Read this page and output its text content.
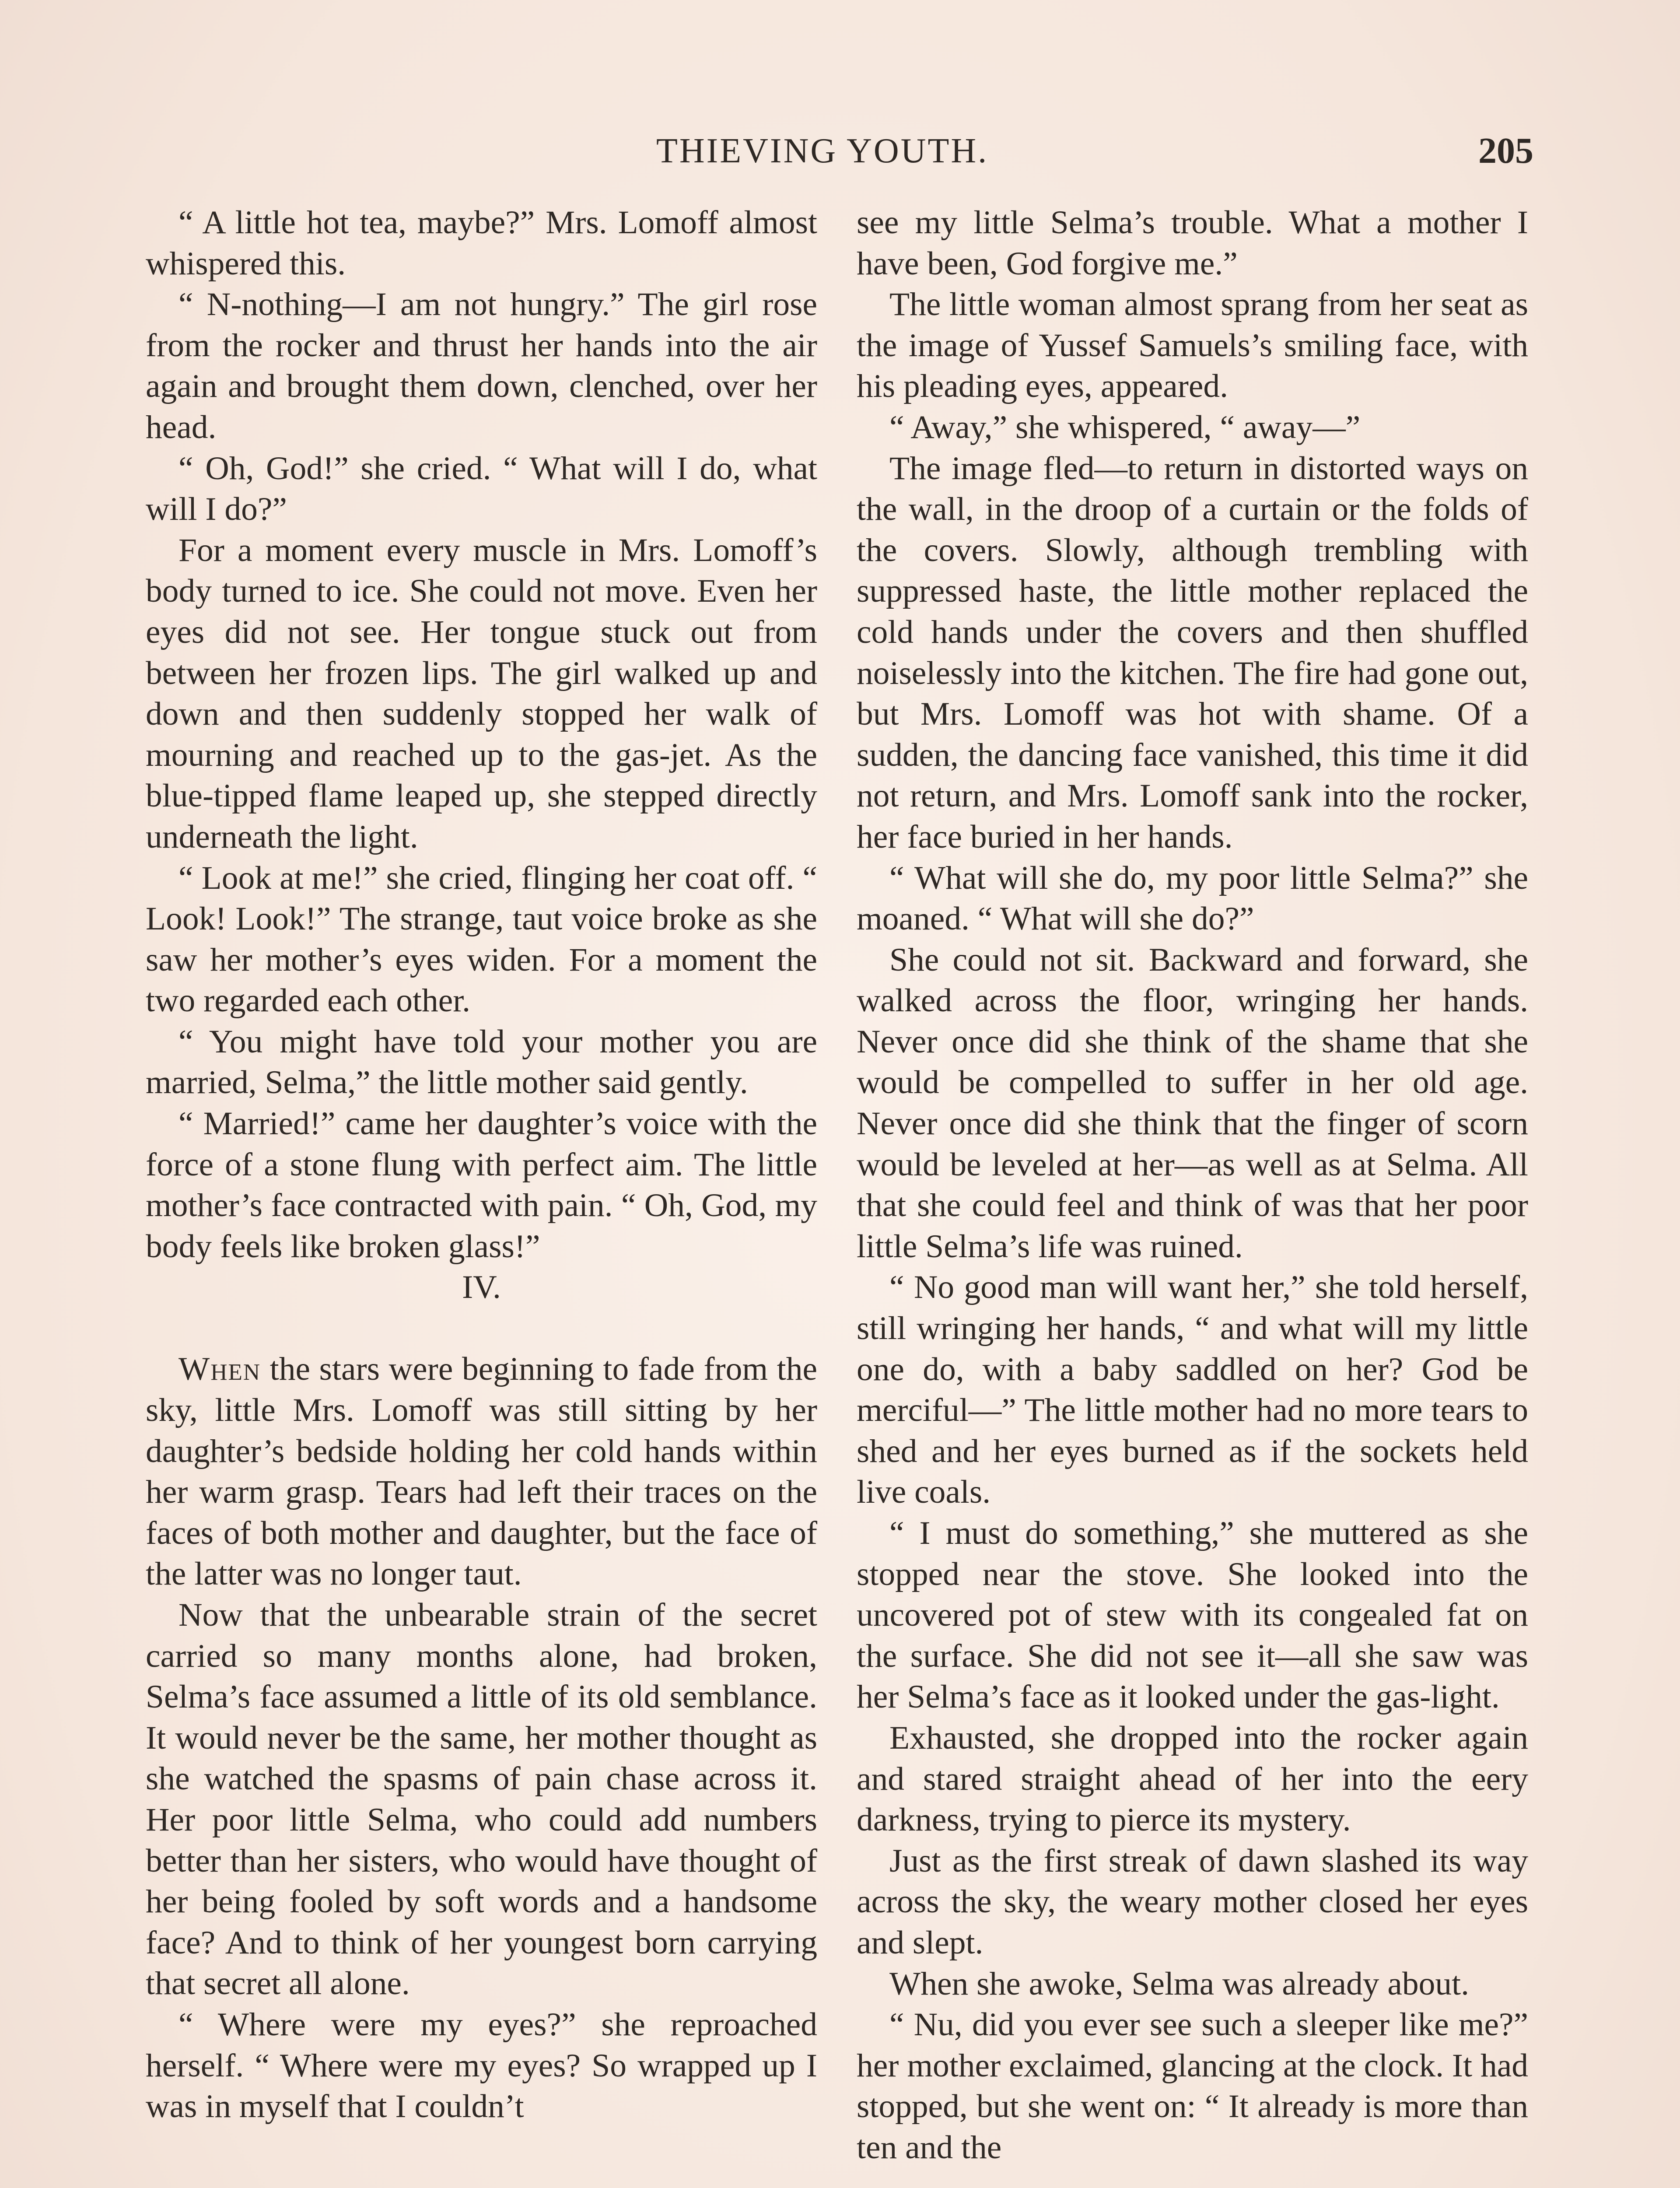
THIEVING YOUTH.	205

“ A little hot tea, maybe?” Mrs. Lomoff almost whispered this.

“ N-nothing—I am not hungry.” The girl rose from the rocker and thrust her hands into the air again and brought them down, clenched, over her head.

“ Oh, God!” she cried. “ What will I do, what will I do?”

For a moment every muscle in Mrs. Lomoff’s body turned to ice. She could not move. Even her eyes did not see. Her tongue stuck out from between her frozen lips. The girl walked up and down and then suddenly stopped her walk of mourning and reached up to the gas-jet. As the blue-tipped flame leaped up, she stepped directly underneath the light.

“ Look at me!” she cried, flinging her coat off. “ Look! Look!” The strange, taut voice broke as she saw her mother’s eyes widen. For a moment the two regarded each other.

“ You might have told your mother you are married, Selma,” the little mother said gently.

“ Married!” came her daughter’s voice with the force of a stone flung with perfect aim. The little mother’s face contracted with pain. “ Oh, God, my body feels like broken glass!”

IV.

When the stars were beginning to fade from the sky, little Mrs. Lomoff was still sitting by her daughter’s bedside holding her cold hands within her warm grasp. Tears had left their traces on the faces of both mother and daughter, but the face of the latter was no longer taut.

Now that the unbearable strain of the secret carried so many months alone, had broken, Selma’s face assumed a little of its old semblance. It would never be the same, her mother thought as she watched the spasms of pain chase across it. Her poor little Selma, who could add numbers better than her sisters, who would have thought of her being fooled by soft words and a handsome face? And to think of her youngest born carrying that secret all alone.

“ Where were my eyes?” she reproached herself. “ Where were my eyes? So wrapped up I was in myself that I couldn’t

see my little Selma’s trouble. What a mother I have been, God forgive me.”

The little woman almost sprang from her seat as the image of Yussef Samuels’s smiling face, with his pleading eyes, appeared.

“ Away,” she whispered, “ away—”

The image fled—to return in distorted ways on the wall, in the droop of a curtain or the folds of the covers. Slowly, although trembling with suppressed haste, the little mother replaced the cold hands under the covers and then shuffled noiselessly into the kitchen. The fire had gone out, but Mrs. Lomoff was hot with shame. Of a sudden, the dancing face vanished, this time it did not return, and Mrs. Lomoff sank into the rocker, her face buried in her hands.

“ What will she do, my poor little Selma?” she moaned. “ What will she do?”

She could not sit. Backward and forward, she walked across the floor, wringing her hands. Never once did she think of the shame that she would be compelled to suffer in her old age. Never once did she think that the finger of scorn would be leveled at her—as well as at Selma. All that she could feel and think of was that her poor little Selma’s life was ruined.

“ No good man will want her,” she told herself, still wringing her hands, “ and what will my little one do, with a baby saddled on her? God be merciful—” The little mother had no more tears to shed and her eyes burned as if the sockets held live coals.

“ I must do something,” she muttered as she stopped near the stove. She looked into the uncovered pot of stew with its congealed fat on the surface. She did not see it—all she saw was her Selma’s face as it looked under the gas-light.

Exhausted, she dropped into the rocker again and stared straight ahead of her into the eery darkness, trying to pierce its mystery.

Just as the first streak of dawn slashed its way across the sky, the weary mother closed her eyes and slept.

When she awoke, Selma was already about.

“ Nu, did you ever see such a sleeper like me?” her mother exclaimed, glancing at the clock. It had stopped, but she went on: “ It already is more than ten and the
